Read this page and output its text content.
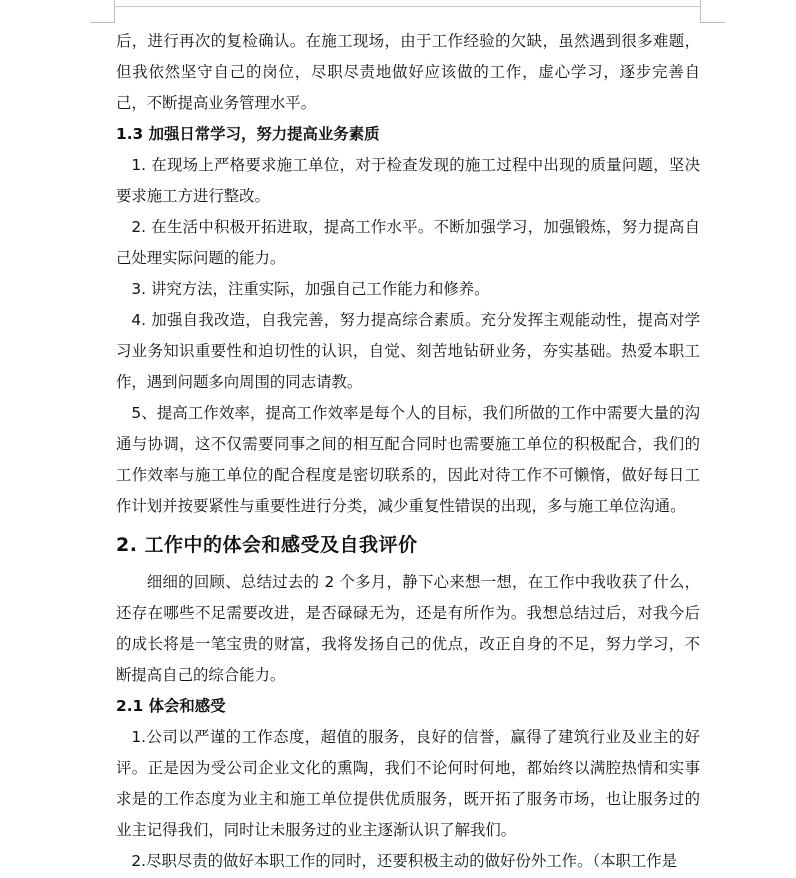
后，进行再次的复检确认。在施工现场，由于工作经验的欠缺，虽然遇到很多难题，但我依然坚守自己的岗位，尽职尽责地做好应该做的工作，虚心学习，逐步完善自己，不断提高业务管理水平。

1.3 加强日常学习，努力提高业务素质

1. 在现场上严格要求施工单位，对于检查发现的施工过程中出现的质量问题，坚决要求施工方进行整改。

2. 在生活中积极开拓进取，提高工作水平。不断加强学习，加强锻炼，努力提高自己处理实际问题的能力。

3. 讲究方法，注重实际，加强自己工作能力和修养。

4. 加强自我改造，自我完善，努力提高综合素质。充分发挥主观能动性，提高对学习业务知识重要性和迫切性的认识，自觉、刻苦地钻研业务，夯实基础。热爱本职工作，遇到问题多向周围的同志请教。

5、提高工作效率，提高工作效率是每个人的目标，我们所做的工作中需要大量的沟通与协调，这不仅需要同事之间的相互配合同时也需要施工单位的积极配合，我们的工作效率与施工单位的配合程度是密切联系的，因此对待工作不可懒惰，做好每日工作计划并按要紧性与重要性进行分类，减少重复性错误的出现，多与施工单位沟通。

2. 工作中的体会和感受及自我评价

细细的回顾、总结过去的 2 个多月，静下心来想一想，在工作中我收获了什么，还存在哪些不足需要改进，是否碌碌无为，还是有所作为。我想总结过后，对我今后的成长将是一笔宝贵的财富，我将发扬自己的优点，改正自身的不足，努力学习，不断提高自己的综合能力。

2.1 体会和感受

1.公司以严谨的工作态度，超值的服务，良好的信誉，赢得了建筑行业及业主的好评。正是因为受公司企业文化的熏陶，我们不论何时何地，都始终以满腔热情和实事求是的工作态度为业主和施工单位提供优质服务，既开拓了服务市场，也让服务过的业主记得我们，同时让未服务过的业主逐渐认识了解我们。

2.尽职尽责的做好本职工作的同时，还要积极主动的做好份外工作。（本职工作是
